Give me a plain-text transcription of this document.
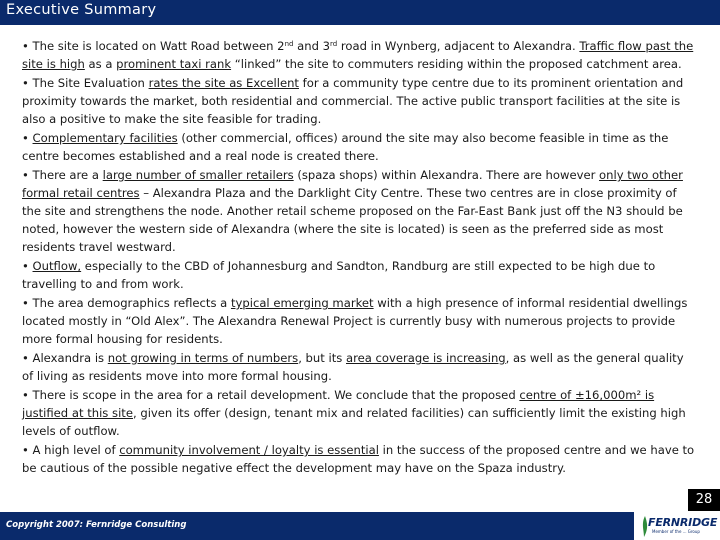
Executive Summary

• The site is located on Watt Road between 2nd and 3rd road in Wynberg, adjacent to Alexandra. Traffic flow past the site is high as a prominent taxi rank “linked” the site to commuters residing within the proposed catchment area.

• The Site Evaluation rates the site as Excellent for a community type centre due to its prominent orientation and proximity towards the market, both residential and commercial. The active public transport facilities at the site is also a positive to make the site feasible for trading.

• Complementary facilities (other commercial, offices) around the site may also become feasible in time as the centre becomes established and a real node is created there.

• There are a large number of smaller retailers (spaza shops) within Alexandra. There are however only two other formal retail centres – Alexandra Plaza and the Darklight City Centre. These two centres are in close proximity of the site and strengthens the node. Another retail scheme proposed on the Far-East Bank just off the N3 should be noted, however the western side of Alexandra (where the site is located) is seen as the preferred side as most residents travel westward.

• Outflow, especially to the CBD of Johannesburg and Sandton, Randburg are still expected to be high due to travelling to and from work.

• The area demographics reflects a typical emerging market with a high presence of informal residential dwellings located mostly in “Old Alex”. The Alexandra Renewal Project is currently busy with numerous projects to provide more formal housing for residents.

• Alexandra is not growing in terms of numbers, but its area coverage is increasing, as well as the general quality of living as residents move into more formal housing.

• There is scope in the area for a retail development. We conclude that the proposed centre of ±16,000m² is justified at this site, given its offer (design, tenant mix and related facilities) can sufficiently limit the existing high levels of outflow.

• A high level of community involvement / loyalty is essential in the success of the proposed centre and we have to be cautious of the possible negative effect the development may have on the Spaza industry.

28
Copyright 2007: Fernridge Consulting	FERNRIDGE
Member of the ... Group
